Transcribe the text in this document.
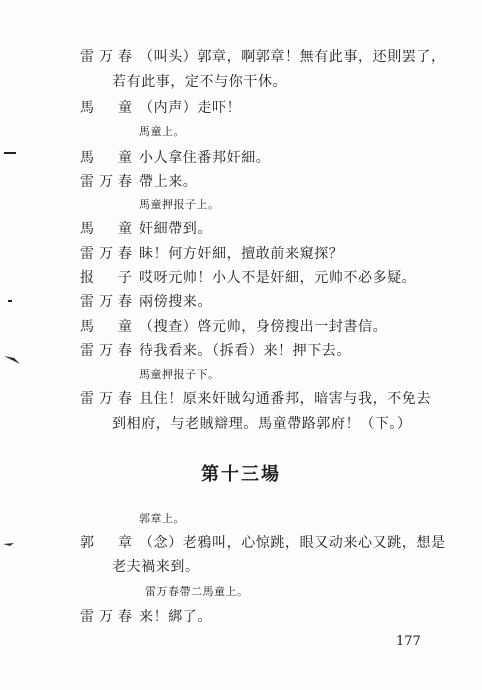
雷万春 （叫头）郭章，啊郭章！無有此事，还則罢了，
若有此事，定不与你干休。
馬　童 （内声）走吓！
馬童上。
馬　童 小人拿住番邦奸細。
雷万春 帶上来。
馬童押报子上。
馬　童 奸細帶到。
雷万春 眛！何方奸細，擅敢前来窺探？
报　子 哎呀元帅！小人不是奸細，元帅不必多疑。
雷万春 兩傍搜来。
馬　童 （搜查）啓元帅，身傍搜出一封書信。
雷万春 待我看来。（拆看）来！押下去。
馬童押报子下。
雷万春 且住！原来奸賊勾通番邦，暗害与我，不免去
到相府，与老賊辯理。馬童帶路郭府！（下。）
第十三場
郭章上。
郭　章 （念）老鴉叫，心惊跳，眼又动来心又跳，想是
老夫禍来到。
雷万春帶二馬童上。
雷万春 来！綁了。
177
